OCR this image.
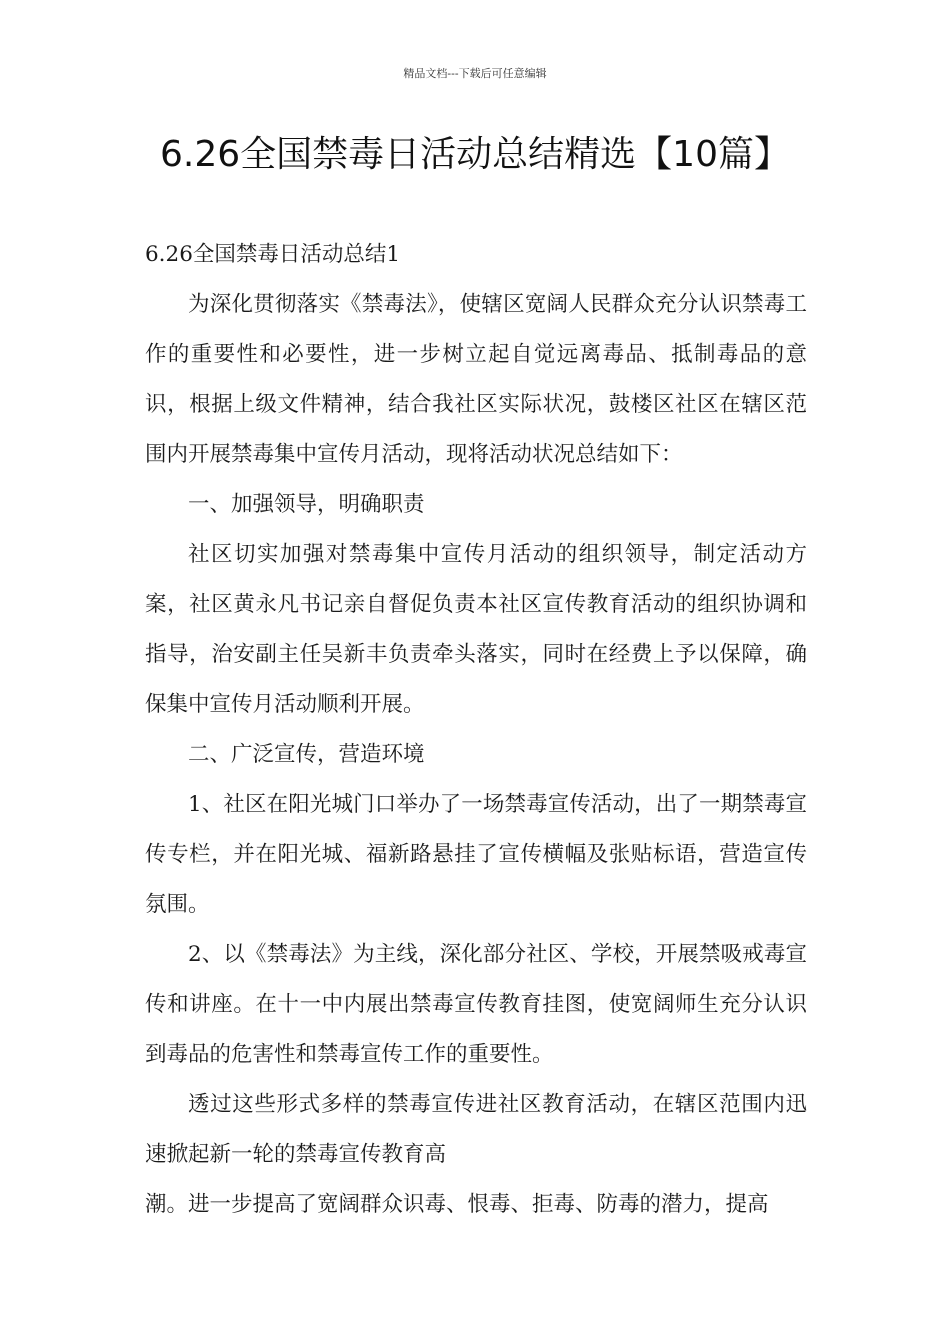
精品文档---下载后可任意编辑
6.26全国禁毒日活动总结精选【10篇】

6.26全国禁毒日活动总结1

为深化贯彻落实《禁毒法》，使辖区宽阔人民群众充分认识禁毒工作的重要性和必要性，进一步树立起自觉远离毒品、抵制毒品的意识，根据上级文件精神，结合我社区实际状况，鼓楼区社区在辖区范围内开展禁毒集中宣传月活动，现将活动状况总结如下：

一、加强领导，明确职责

社区切实加强对禁毒集中宣传月活动的组织领导，制定活动方案，社区黄永凡书记亲自督促负责本社区宣传教育活动的组织协调和指导，治安副主任吴新丰负责牵头落实，同时在经费上予以保障，确保集中宣传月活动顺利开展。

二、广泛宣传，营造环境

1、社区在阳光城门口举办了一场禁毒宣传活动，出了一期禁毒宣传专栏，并在阳光城、福新路悬挂了宣传横幅及张贴标语，营造宣传氛围。

2、以《禁毒法》为主线，深化部分社区、学校，开展禁吸戒毒宣传和讲座。在十一中内展出禁毒宣传教育挂图，使宽阔师生充分认识到毒品的危害性和禁毒宣传工作的重要性。

透过这些形式多样的禁毒宣传进社区教育活动，在辖区范围内迅速掀起新一轮的禁毒宣传教育高

潮。进一步提高了宽阔群众识毒、恨毒、拒毒、防毒的潜力，提高
